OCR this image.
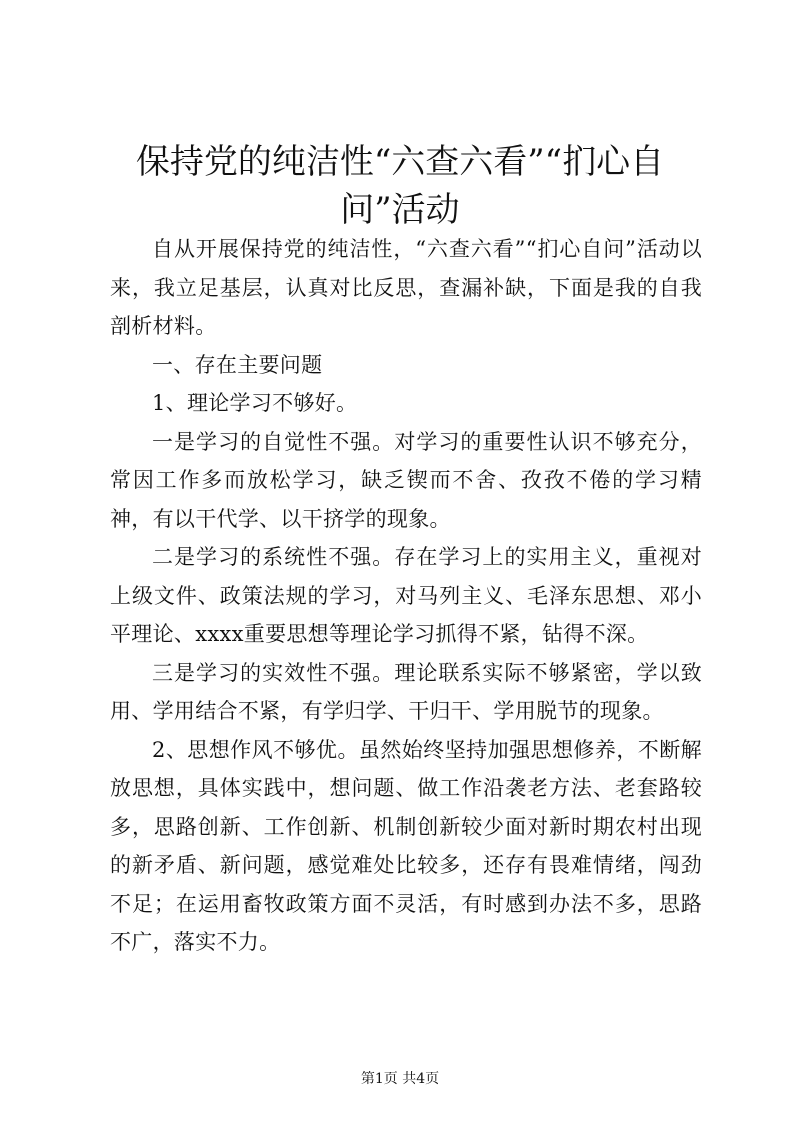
保持党的纯洁性“六查六看”“扪心自问”活动

自从开展保持党的纯洁性，“六查六看”“扪心自问”活动以来，我立足基层，认真对比反思，查漏补缺，下面是我的自我剖析材料。

一、存在主要问题

1、理论学习不够好。

一是学习的自觉性不强。对学习的重要性认识不够充分，常因工作多而放松学习，缺乏锲而不舍、孜孜不倦的学习精神，有以干代学、以干挤学的现象。

二是学习的系统性不强。存在学习上的实用主义，重视对上级文件、政策法规的学习，对马列主义、毛泽东思想、邓小平理论、xxxx重要思想等理论学习抓得不紧，钻得不深。

三是学习的实效性不强。理论联系实际不够紧密，学以致用、学用结合不紧，有学归学、干归干、学用脱节的现象。

2、思想作风不够优。虽然始终坚持加强思想修养，不断解放思想，具体实践中，想问题、做工作沿袭老方法、老套路较多，思路创新、工作创新、机制创新较少面对新时期农村出现的新矛盾、新问题，感觉难处比较多，还存有畏难情绪，闯劲不足；在运用畜牧政策方面不灵活，有时感到办法不多，思路不广，落实不力。

第1页 共4页
